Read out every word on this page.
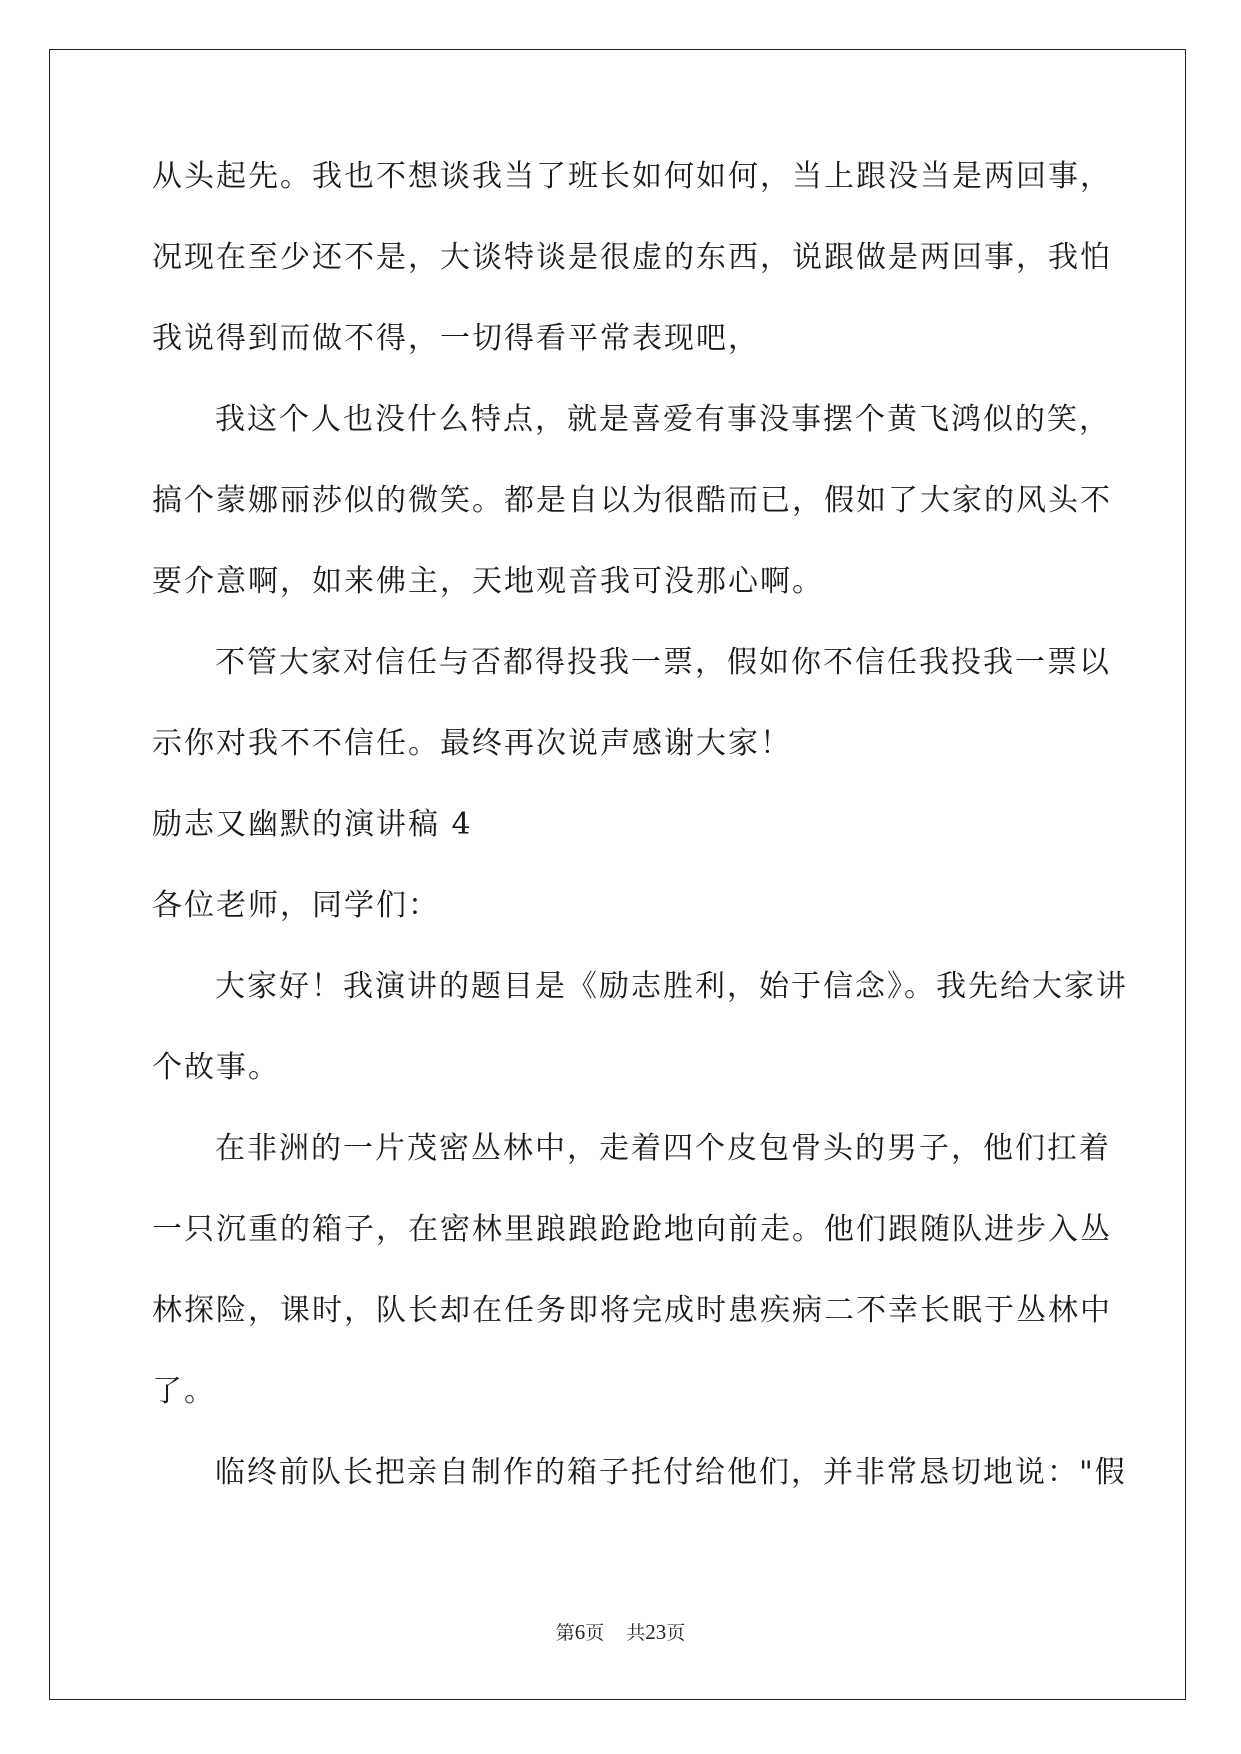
从头起先。我也不想谈我当了班长如何如何，当上跟没当是两回事，
况现在至少还不是，大谈特谈是很虚的东西，说跟做是两回事，我怕
我说得到而做不得，一切得看平常表现吧，
我这个人也没什么特点，就是喜爱有事没事摆个黄飞鸿似的笑，
搞个蒙娜丽莎似的微笑。都是自以为很酷而已，假如了大家的风头不
要介意啊，如来佛主，天地观音我可没那心啊。
不管大家对信任与否都得投我一票，假如你不信任我投我一票以
示你对我不不信任。最终再次说声感谢大家！
励志又幽默的演讲稿 4
各位老师，同学们：
大家好！我演讲的题目是《励志胜利，始于信念》。我先给大家讲
个故事。
在非洲的一片茂密丛林中，走着四个皮包骨头的男子，他们扛着
一只沉重的箱子，在密林里踉踉跄跄地向前走。他们跟随队进步入丛
林探险，课时，队长却在任务即将完成时患疾病二不幸长眠于丛林中
了。
临终前队长把亲自制作的箱子托付给他们，并非常恳切地说："假
第6页 共23页
